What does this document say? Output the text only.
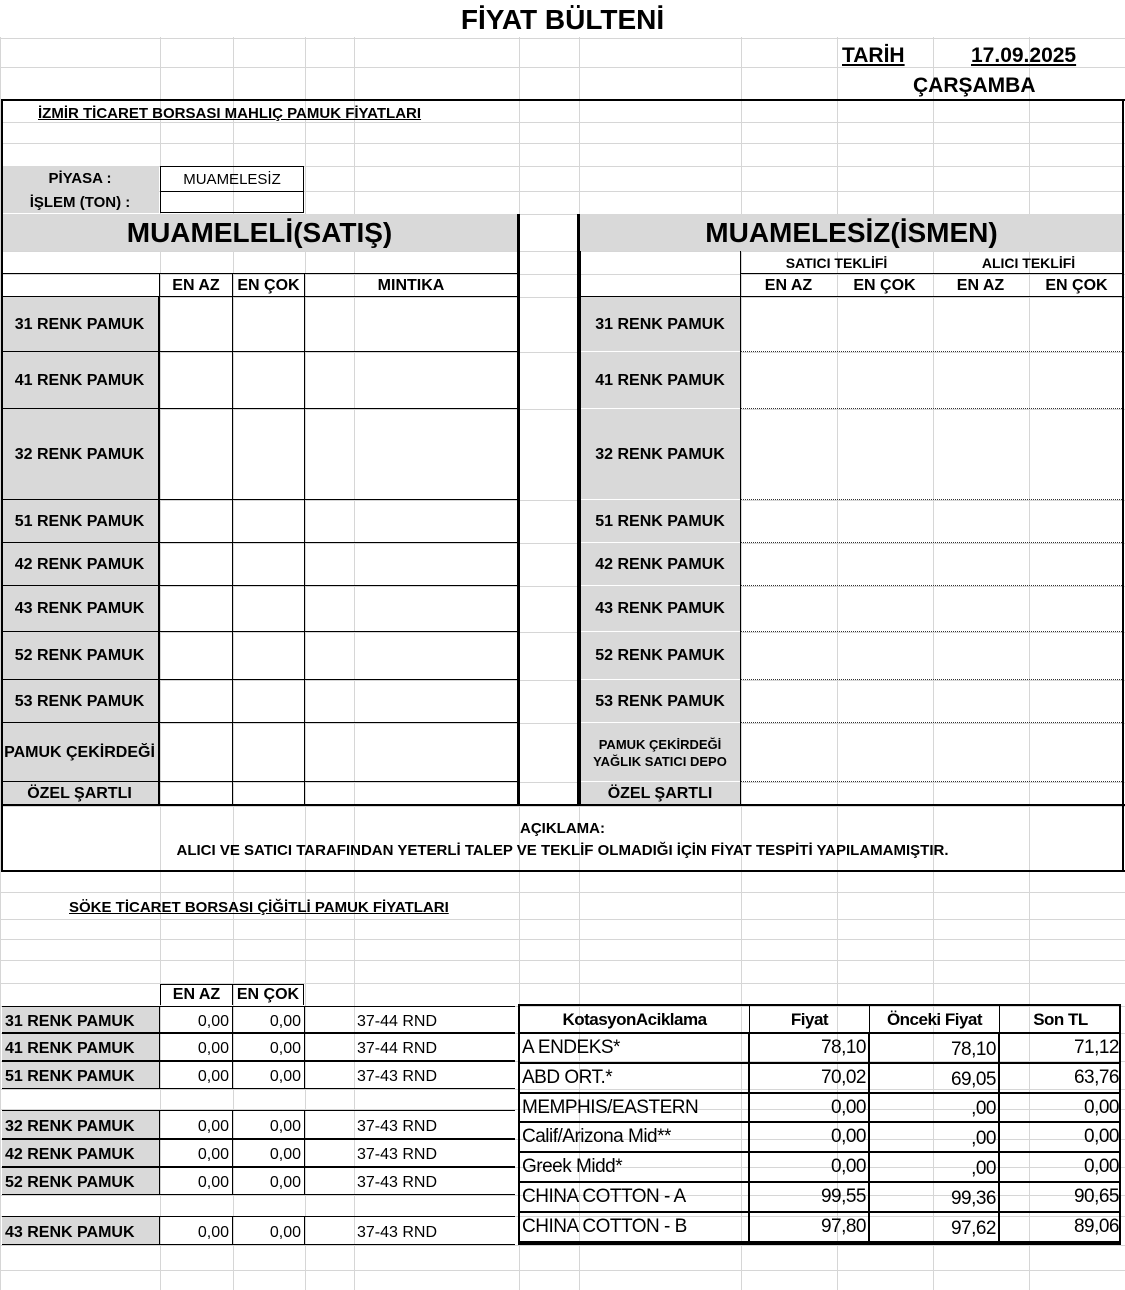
FİYAT BÜLTENİ
TARİH	17.09.2025
ÇARŞAMBA
İZMİR TİCARET BORSASI MAHLIÇ PAMUK FİYATLARI
PİYASA :	MUAMELESİZ
İŞLEM (TON) :
MUAMELELİ(SATIŞ)	MUAMELESİZ(İSMEN)
SATICI TEKLİFİ	ALICI TEKLİFİ
EN AZ	EN ÇOK	MINTIKA	EN AZ	EN ÇOK	EN AZ	EN ÇOK
31 RENK PAMUK
41 RENK PAMUK
32 RENK PAMUK
51 RENK PAMUK
42 RENK PAMUK
43 RENK PAMUK
52 RENK PAMUK
53 RENK PAMUK
PAMUK ÇEKİRDEĞİ
ÖZEL ŞARTLI
31 RENK PAMUK
41 RENK PAMUK
32 RENK PAMUK
51 RENK PAMUK
42 RENK PAMUK
43 RENK PAMUK
52 RENK PAMUK
53 RENK PAMUK
PAMUK ÇEKİRDEĞİ
YAĞLIK SATICI DEPO
ÖZEL ŞARTLI
AÇIKLAMA:
ALICI VE SATICI TARAFINDAN YETERLİ TALEP VE TEKLİF OLMADIĞI İÇİN FİYAT TESPİTİ YAPILAMAMIŞTIR.
SÖKE TİCARET BORSASI ÇİĞİTLİ PAMUK FİYATLARI
EN AZ	EN ÇOK
31 RENK PAMUK	0,00	0,00	37-44 RND
41 RENK PAMUK	0,00	0,00	37-44 RND
51 RENK PAMUK	0,00	0,00	37-43 RND
32 RENK PAMUK	0,00	0,00	37-43 RND
42 RENK PAMUK	0,00	0,00	37-43 RND
52 RENK PAMUK	0,00	0,00	37-43 RND
43 RENK PAMUK	0,00	0,00	37-43 RND
KotasyonAciklama	Fiyat	Önceki Fiyat	Son TL
A ENDEKS*	78,10	78,10	71,12
ABD ORT.*	70,02	69,05	63,76
MEMPHIS/EASTERN	0,00	,00	0,00
Calif/Arizona Mid**	0,00	,00	0,00
Greek Midd*	0,00	,00	0,00
CHINA COTTON - A	99,55	99,36	90,65
CHINA COTTON - B	97,80	97,62	89,06
